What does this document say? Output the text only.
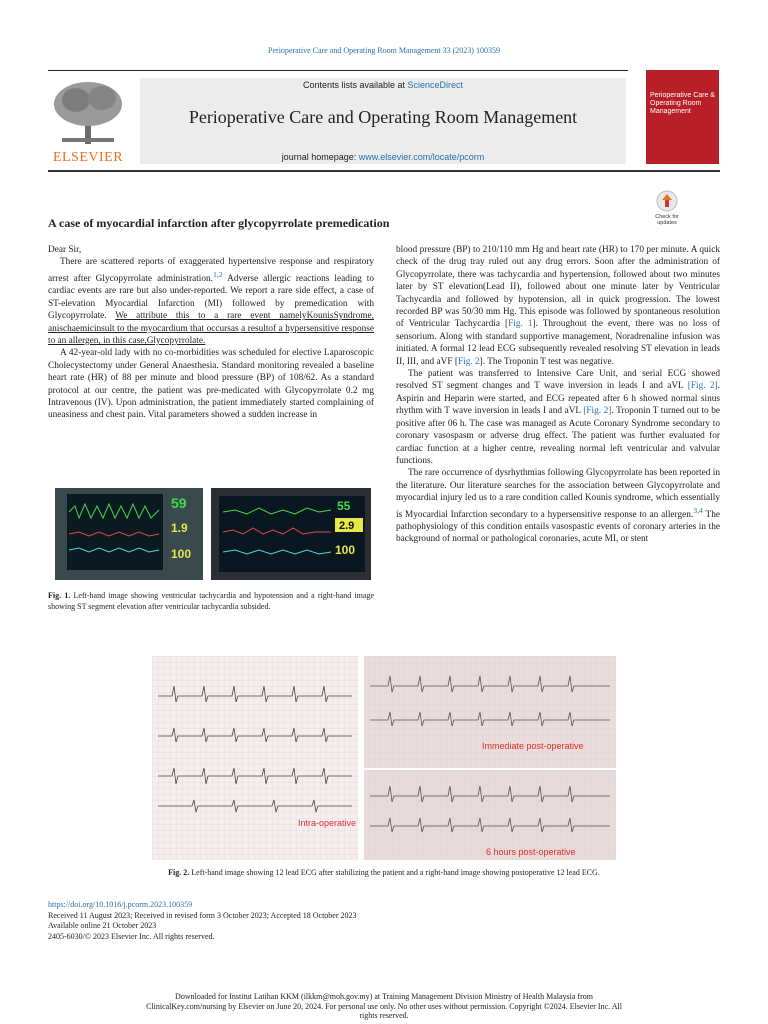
Perioperative Care and Operating Room Management 33 (2023) 100359
ELSEVIER
Contents lists available at ScienceDirect
Perioperative Care and Operating Room Management
journal homepage: www.elsevier.com/locate/pcorm
Perioperative Care & Operating Room Management
A case of myocardial infarction after glycopyrrolate premedication	Check for updates

Dear Sir,

There are scattered reports of exaggerated hypertensive response and respiratory arrest after Glycopyrrolate administration.$^{1,2}$ Adverse allergic reactions leading to cardiac events are rare but also under-reported. We report a rare side effect, a case of ST-elevation Myocardial Infarction (MI) followed by premedication with Glycopyrrolate. We attribute this to a rare event namelyKounisSyndrome, anischaemicinsult to the myocardium that occursas a resultof a hypersensitive response to an allergen, in this case,Glycopyrrolate.

A 42-year-old lady with no co-morbidities was scheduled for elective Laparoscopic Cholecystectomy under General Anaesthesia. Standard monitoring revealed a baseline heart rate (HR) of 88 per minute and blood pressure (BP) of 108/62. As a standard protocol at our centre, the patient was pre-medicated with Glycopyrrolate 0.2 mg Intravenous (IV). Upon administration, the patient immediately started complaining of uneasiness and chest pain. Vital parameters showed a sudden increase in

blood pressure (BP) to 210/110 mm Hg and heart rate (HR) to 170 per minute. A quick check of the drug tray ruled out any drug errors. Soon after the administration of Glycopyrrolate, there was tachycardia and hypertension, followed about two minutes later by ST elevation(Lead II), followed about one minute later by Ventricular Tachycardia and followed by hypotension, all in quick progression. The lowest recorded BP was 50/30 mm Hg. This episode was followed by spontaneous resolution of Ventricular Tachycardia [Fig. 1]. Throughout the event, there was no loss of sensorium. Along with standard supportive management, Noradrenaline infusion was initiated. A formal 12 lead ECG subsequently revealed resolving ST elevation in leads II, III, and aVF [Fig. 2]. The Troponin T test was negative.

The patient was transferred to Intensive Care Unit, and serial ECG showed resolved ST segment changes and T wave inversion in leads I and aVL [Fig. 2]. Aspirin and Heparin were started, and ECG repeated after 6 h showed normal sinus rhythm with T wave inversion in leads I and aVL [Fig. 2]. Troponin T turned out to be positive after 06 h. The case was managed as Acute Coronary Syndrome secondary to coronary vasospasm or adverse drug effect. The patient was further evaluated for cardiac function at a higher centre, revealing normal left ventricular and valvular functions.

The rare occurrence of dysrhythmias following Glycopyrrolate has been reported in the literature. Our literature searches for the association between Glycopyrrolate and myocardial injury led us to a rare condition called Kounis syndrome, which essentially is Myocardial Infarction secondary to a hypersensitive response to an allergen.$^{3,4}$ The pathophysiology of this condition entails vasospastic events of coronary arteries in the background of normal or pathological coronaries, acute MI, or stent

59
1.9
100
55
2.9
100
Fig. 1. Left-hand image showing ventricular tachycardia and hypotension and a right-hand image showing ST segment elevation after ventricular tachycardia subsided.
Intra-operative
Immediate post-operative
6 hours post-operative
Fig. 2. Left-hand image showing 12 lead ECG after stabilizing the patient and a right-hand image showing postoperative 12 lead ECG.
https://doi.org/10.1016/j.pcorm.2023.100359
Received 11 August 2023; Received in revised form 3 October 2023; Accepted 18 October 2023
Available online 21 October 2023
2405-6030/© 2023 Elsevier Inc. All rights reserved.
Downloaded for Institut Latihan KKM (ilkkm@moh.gov.my) at Training Management Division Ministry of Health Malaysia from
ClinicalKey.com/nursing by Elsevier on June 20, 2024. For personal use only. No other uses without permission. Copyright ©2024. Elsevier Inc. All
rights reserved.
